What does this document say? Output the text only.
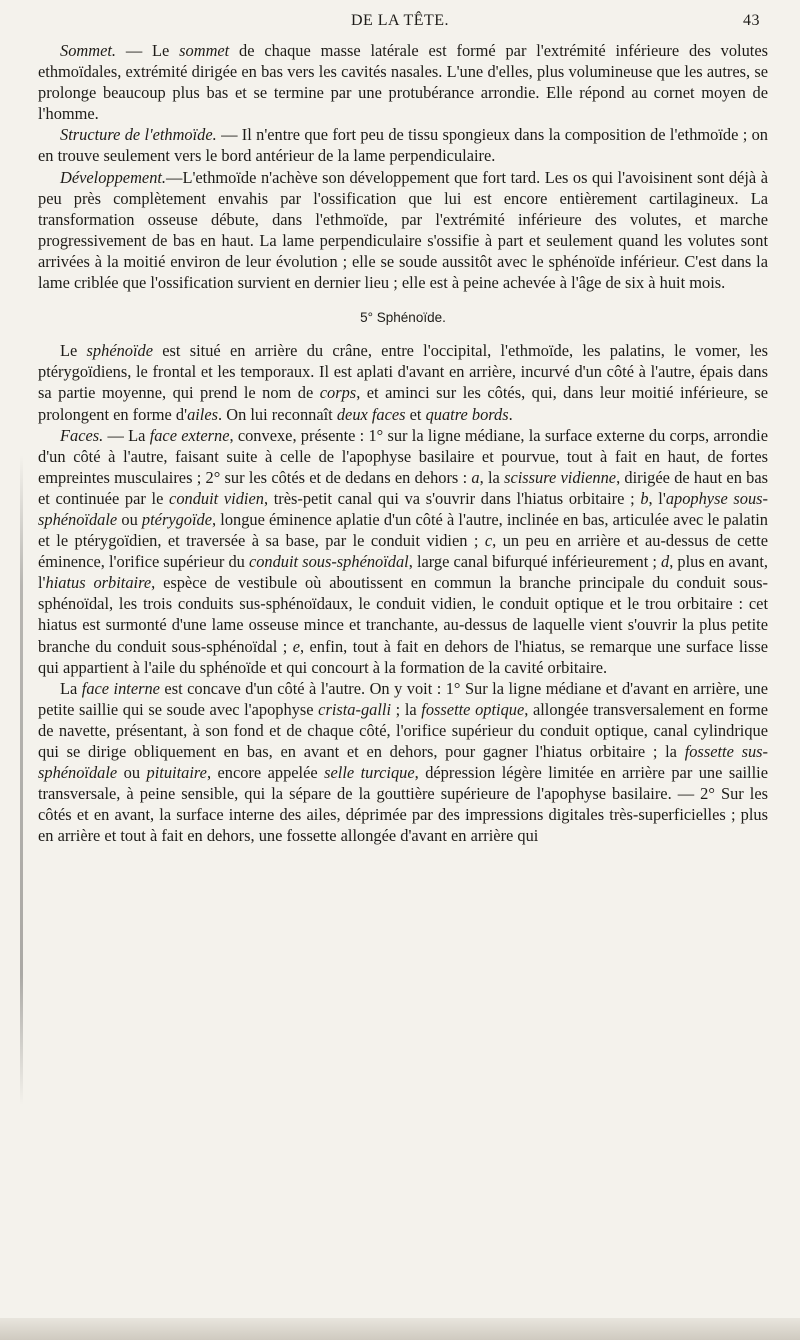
DE LA TÊTE.	43

Sommet. — Le sommet de chaque masse latérale est formé par l'extrémité inférieure des volutes ethmoïdales, extrémité dirigée en bas vers les cavités nasales. L'une d'elles, plus volumineuse que les autres, se prolonge beaucoup plus bas et se termine par une protubérance arrondie. Elle répond au cornet moyen de l'homme.

Structure de l'ethmoïde. — Il n'entre que fort peu de tissu spongieux dans la composition de l'ethmoïde ; on en trouve seulement vers le bord antérieur de la lame perpendiculaire.

Développement.—L'ethmoïde n'achève son développement que fort tard. Les os qui l'avoisinent sont déjà à peu près complètement envahis par l'ossification que lui est encore entièrement cartilagineux. La transformation osseuse débute, dans l'ethmoïde, par l'extrémité inférieure des volutes, et marche progressivement de bas en haut. La lame perpendiculaire s'ossifie à part et seulement quand les volutes sont arrivées à la moitié environ de leur évolution ; elle se soude aussitôt avec le sphénoïde inférieur. C'est dans la lame criblée que l'ossification survient en dernier lieu ; elle est à peine achevée à l'âge de six à huit mois.

5° Sphénoïde.

Le sphénoïde est situé en arrière du crâne, entre l'occipital, l'ethmoïde, les palatins, le vomer, les ptérygoïdiens, le frontal et les temporaux. Il est aplati d'avant en arrière, incurvé d'un côté à l'autre, épais dans sa partie moyenne, qui prend le nom de corps, et aminci sur les côtés, qui, dans leur moitié inférieure, se prolongent en forme d'ailes. On lui reconnaît deux faces et quatre bords.

Faces. — La face externe, convexe, présente : 1° sur la ligne médiane, la surface externe du corps, arrondie d'un côté à l'autre, faisant suite à celle de l'apophyse basilaire et pourvue, tout à fait en haut, de fortes empreintes musculaires ; 2° sur les côtés et de dedans en dehors : a, la scissure vidienne, dirigée de haut en bas et continuée par le conduit vidien, très-petit canal qui va s'ouvrir dans l'hiatus orbitaire ; b, l'apophyse sous-sphénoïdale ou ptérygoïde, longue éminence aplatie d'un côté à l'autre, inclinée en bas, articulée avec le palatin et le ptérygoïdien, et traversée à sa base, par le conduit vidien ; c, un peu en arrière et au-dessus de cette éminence, l'orifice supérieur du conduit sous-sphénoïdal, large canal bifurqué inférieurement ; d, plus en avant, l'hiatus orbitaire, espèce de vestibule où aboutissent en commun la branche principale du conduit sous-sphénoïdal, les trois conduits sus-sphénoïdaux, le conduit vidien, le conduit optique et le trou orbitaire : cet hiatus est surmonté d'une lame osseuse mince et tranchante, au-dessus de laquelle vient s'ouvrir la plus petite branche du conduit sous-sphénoïdal ; e, enfin, tout à fait en dehors de l'hiatus, se remarque une surface lisse qui appartient à l'aile du sphénoïde et qui concourt à la formation de la cavité orbitaire.

La face interne est concave d'un côté à l'autre. On y voit : 1° Sur la ligne médiane et d'avant en arrière, une petite saillie qui se soude avec l'apophyse crista-galli ; la fossette optique, allongée transversalement en forme de navette, présentant, à son fond et de chaque côté, l'orifice supérieur du conduit optique, canal cylindrique qui se dirige obliquement en bas, en avant et en dehors, pour gagner l'hiatus orbitaire ; la fossette sus-sphénoïdale ou pituitaire, encore appelée selle turcique, dépression légère limitée en arrière par une saillie transversale, à peine sensible, qui la sépare de la gouttière supérieure de l'apophyse basilaire. — 2° Sur les côtés et en avant, la surface interne des ailes, déprimée par des impressions digitales très-superficielles ; plus en arrière et tout à fait en dehors, une fossette allongée d'avant en arrière qui
